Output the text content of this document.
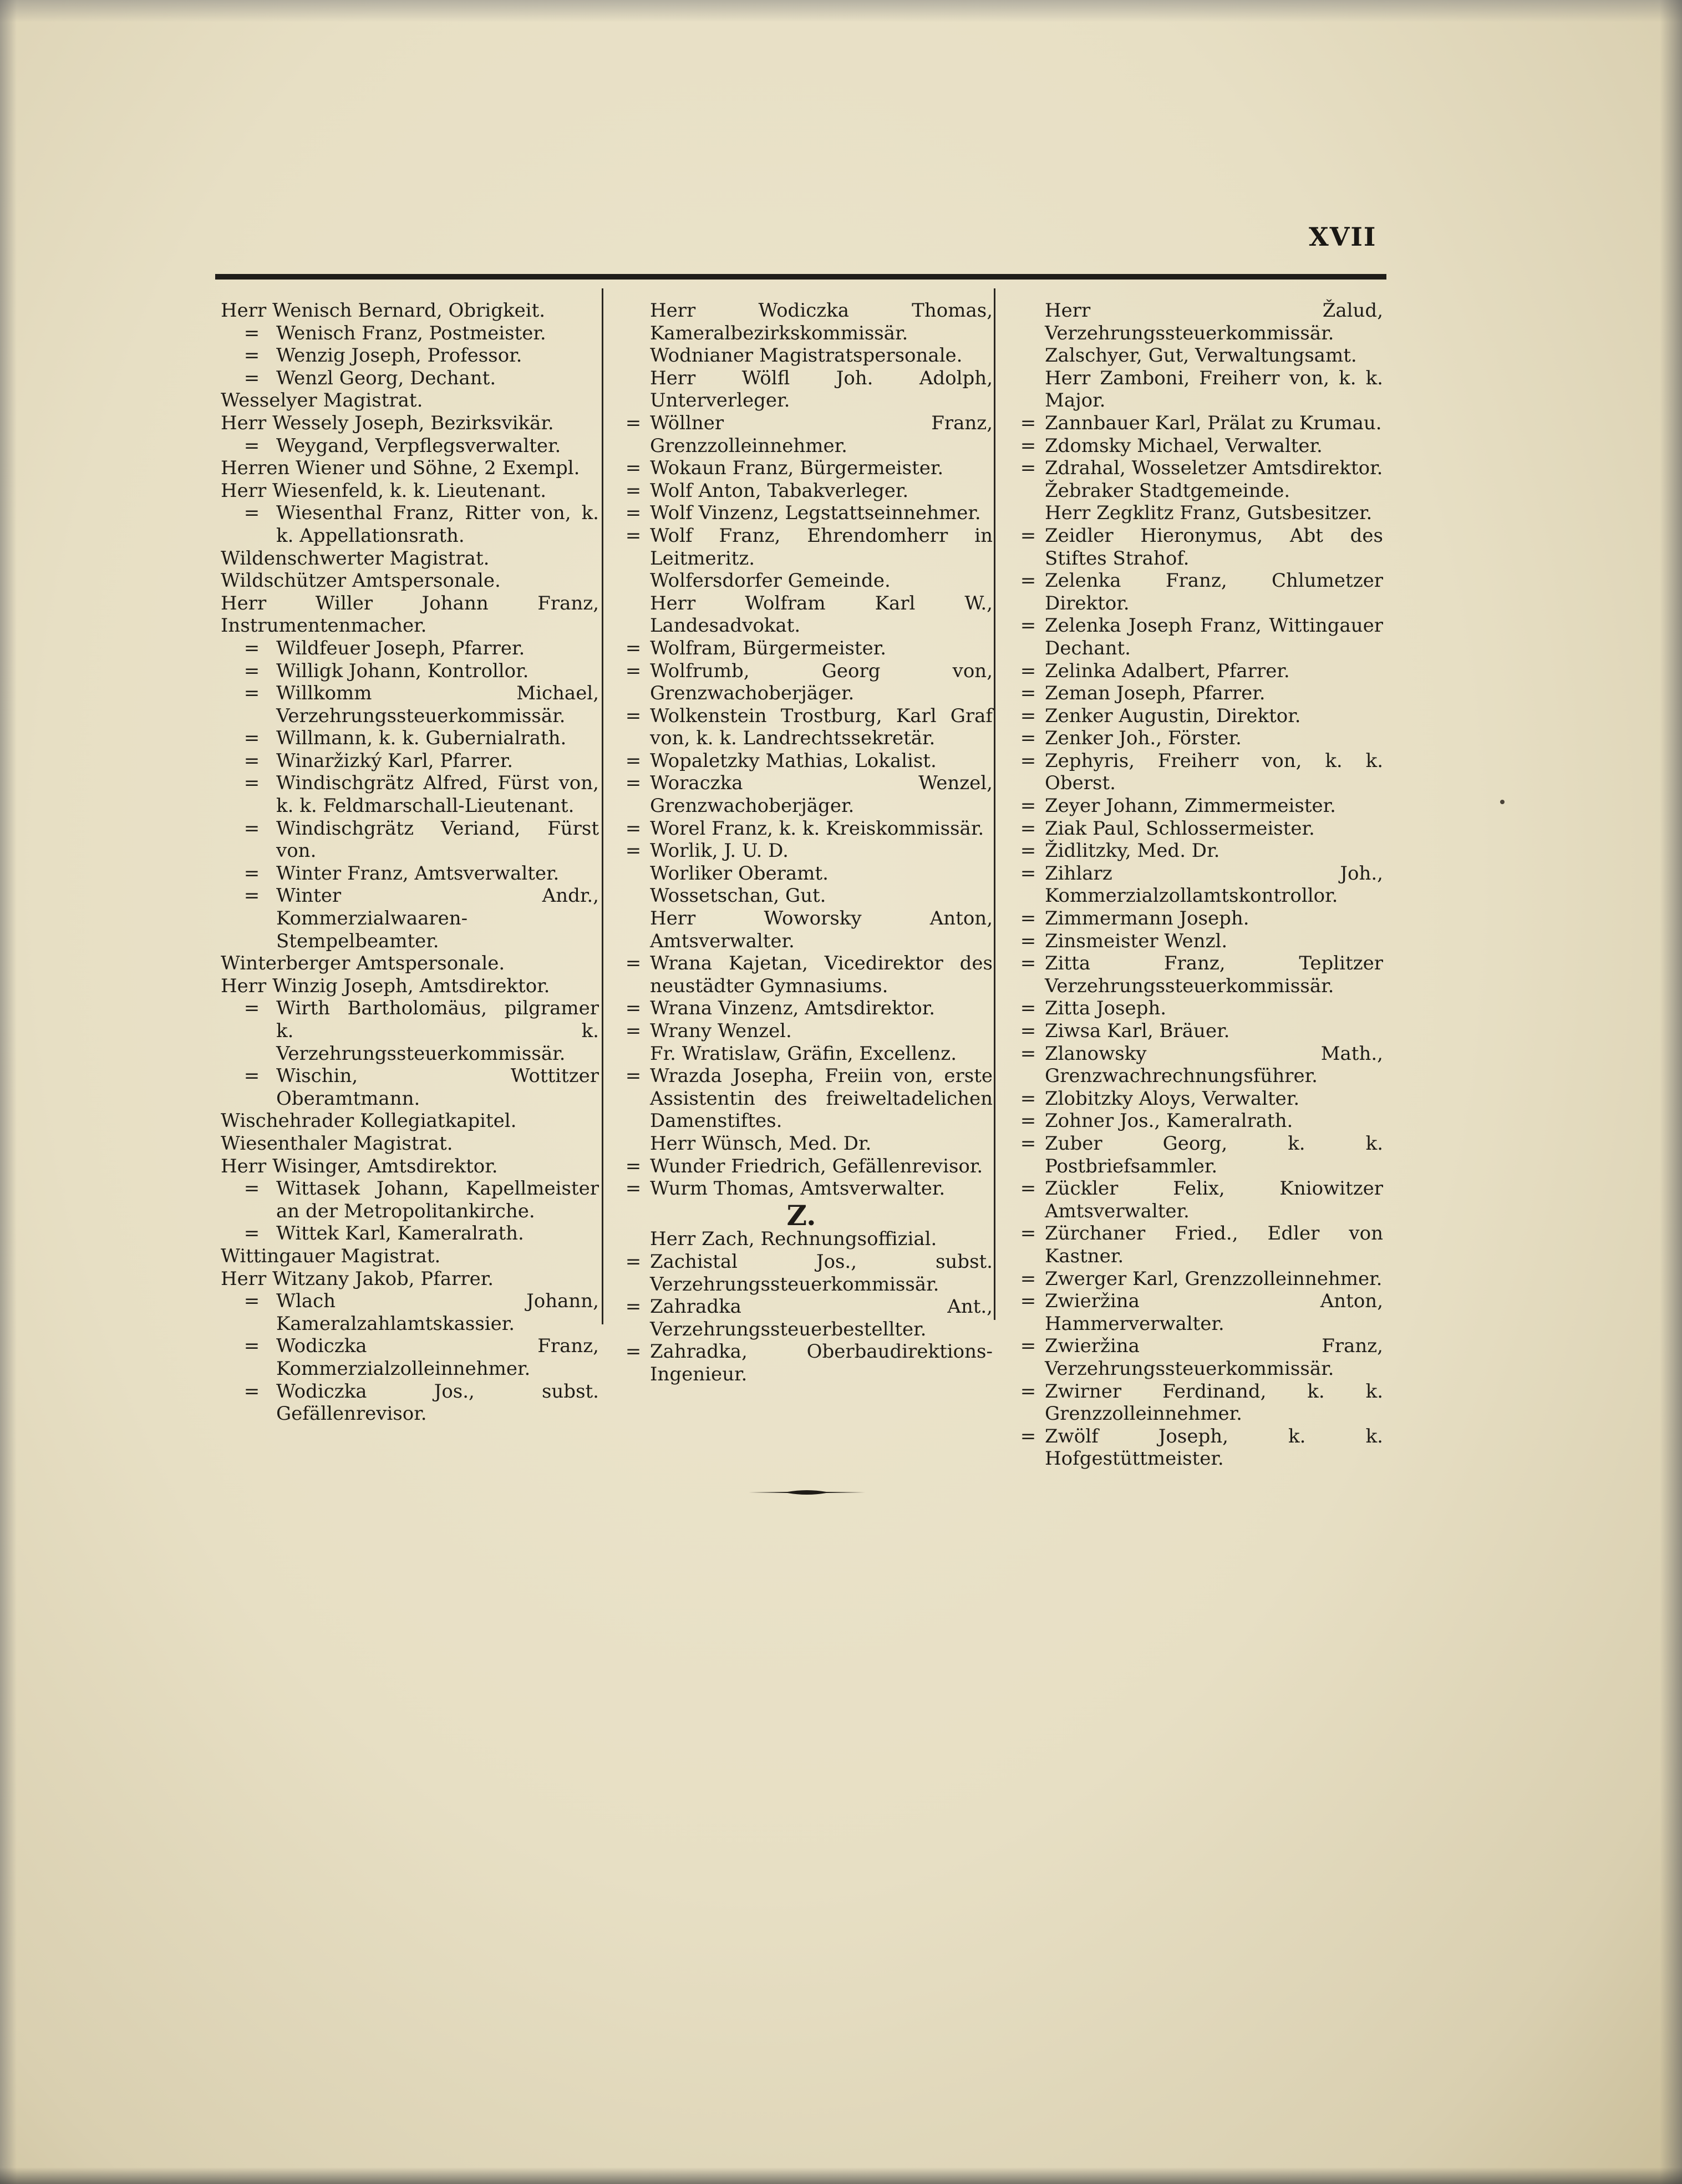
XVII
Herr Wenisch Bernard, Obrigkeit.
= Wenisch Franz, Postmeister.
= Wenzig Joseph, Professor.
= Wenzl Georg, Dechant.
Wesselyer Magistrat.
Herr Wessely Joseph, Bezirksvikär.
= Weygand, Verpflegsverwalter.
Herren Wiener und Söhne, 2 Exempl.
Herr Wiesenfeld, k. k. Lieutenant.
= Wiesenthal Franz, Ritter von, k. k. Appellationsrath.
Wildenschwerter Magistrat.
Wildschützer Amtspersonale.
Herr Willer Johann Franz, Instrumentenmacher.
= Wildfeuer Joseph, Pfarrer.
= Willigk Johann, Kontrollor.
= Willkomm Michael, Verzehrungssteuerkommissär.
= Willmann, k. k. Gubernialrath.
= Winaržizký Karl, Pfarrer.
= Windischgrätz Alfred, Fürst von, k. k. Feldmarschall-Lieutenant.
= Windischgrätz Veriand, Fürst von.
= Winter Franz, Amtsverwalter.
= Winter Andr., Kommerzialwaaren-Stempelbeamter.
Winterberger Amtspersonale.
Herr Winzig Joseph, Amtsdirektor.
= Wirth Bartholomäus, pilgramer k. k. Verzehrungssteuerkommissär.
= Wischin, Wottitzer Oberamtmann.
Wischehrader Kollegiatkapitel.
Wiesenthaler Magistrat.
Herr Wisinger, Amtsdirektor.
= Wittasek Johann, Kapellmeister an der Metropolitankirche.
= Wittek Karl, Kameralrath.
Wittingauer Magistrat.
Herr Witzany Jakob, Pfarrer.
= Wlach Johann, Kameralzahlamtskassier.
= Wodiczka Franz, Kommerzialzolleinnehmer.
= Wodiczka Jos., subst. Gefällenrevisor.
Herr Wodiczka Thomas, Kameralbezirkskommissär.
Wodnianer Magistratspersonale.
Herr Wölfl Joh. Adolph, Unterverleger.
= Wöllner Franz, Grenzzolleinnehmer.
= Wokaun Franz, Bürgermeister.
= Wolf Anton, Tabakverleger.
= Wolf Vinzenz, Legstattseinnehmer.
= Wolf Franz, Ehrendomherr in Leitmeritz.
Wolfersdorfer Gemeinde.
Herr Wolfram Karl W., Landesadvokat.
= Wolfram, Bürgermeister.
= Wolfrumb, Georg von, Grenzwachoberjäger.
= Wolkenstein Trostburg, Karl Graf von, k. k. Landrechtssekretär.
= Wopaletzky Mathias, Lokalist.
= Woraczka Wenzel, Grenzwachoberjäger.
= Worel Franz, k. k. Kreiskommissär.
= Worlik, J. U. D.
Worliker Oberamt.
Wossetschan, Gut.
Herr Woworsky Anton, Amtsverwalter.
= Wrana Kajetan, Vicedirektor des neustädter Gymnasiums.
= Wrana Vinzenz, Amtsdirektor.
= Wrany Wenzel.
Fr. Wratislaw, Gräfin, Excellenz.
= Wrazda Josepha, Freiin von, erste Assistentin des freiweltadelichen Damenstiftes.
Herr Wünsch, Med. Dr.
= Wunder Friedrich, Gefällenrevisor.
= Wurm Thomas, Amtsverwalter.
Z.
Herr Zach, Rechnungsoffizial.
= Zachistal Jos., subst. Verzehrungssteuerkommissär.
= Zahradka Ant., Verzehrungssteuerbestellter.
= Zahradka, Oberbaudirektions-Ingenieur.
Herr Žalud, Verzehrungssteuerkommissär.
Zalschyer, Gut, Verwaltungsamt.
Herr Zamboni, Freiherr von, k. k. Major.
= Zannbauer Karl, Prälat zu Krumau.
= Zdomsky Michael, Verwalter.
= Zdrahal, Wosseletzer Amtsdirektor.
Žebraker Stadtgemeinde.
Herr Zegklitz Franz, Gutsbesitzer.
= Zeidler Hieronymus, Abt des Stiftes Strahof.
= Zelenka Franz, Chlumetzer Direktor.
= Zelenka Joseph Franz, Wittingauer Dechant.
= Zelinka Adalbert, Pfarrer.
= Zeman Joseph, Pfarrer.
= Zenker Augustin, Direktor.
= Zenker Joh., Förster.
= Zephyris, Freiherr von, k. k. Oberst.
= Zeyer Johann, Zimmermeister.
= Ziak Paul, Schlossermeister.
= Židlitzky, Med. Dr.
= Zihlarz Joh., Kommerzialzollamtskontrollor.
= Zimmermann Joseph.
= Zinsmeister Wenzl.
= Zitta Franz, Teplitzer Verzehrungssteuerkommissär.
= Zitta Joseph.
= Ziwsa Karl, Bräuer.
= Zlanowsky Math., Grenzwachrechnungsführer.
= Zlobitzky Aloys, Verwalter.
= Zohner Jos., Kameralrath.
= Zuber Georg, k. k. Postbriefsammler.
= Zückler Felix, Kniowitzer Amtsverwalter.
= Zürchaner Fried., Edler von Kastner.
= Zwerger Karl, Grenzzolleinnehmer.
= Zwieržina Anton, Hammerverwalter.
= Zwieržina Franz, Verzehrungssteuerkommissär.
= Zwirner Ferdinand, k. k. Grenzzolleinnehmer.
= Zwölf Joseph, k. k. Hofgestüttmeister.
